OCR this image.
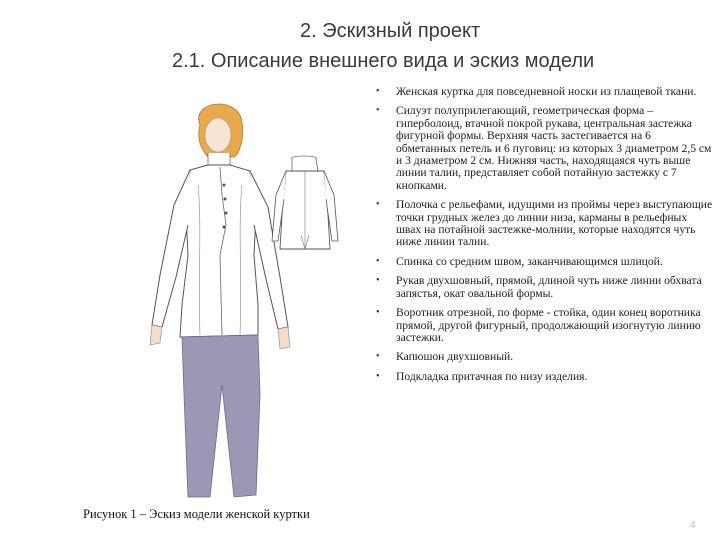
2. Эскизный проект
2.1. Описание внешнего вида и эскиз модели
• Женская куртка для повседневной носки из плащевой ткани.
• Силуэт полуприлегающий, геометрическая форма – гиперболоид, втачной покрой рукава, центральная застежка фигурной формы. Верхняя часть застегивается на 6 обметанных петель и 6 пуговиц: из которых 3 диаметром 2,5 см и 3 диаметром 2 см. Нижняя часть, находящаяся чуть выше линии талии, представляет собой потайную застежку с 7 кнопками.
• Полочка с рельефами, идущими из проймы через выступающие точки грудных желез до линии низа, карманы в рельефных швах на потайной застежке-молнии, которые находятся чуть ниже линии талии.
• Спинка со средним швом, заканчивающимся шлицой.
• Рукав двухшовный, прямой, длиной чуть ниже линии обхвата запястья, окат овальной формы.
• Воротник отрезной, по форме - стойка, один конец воротника прямой, другой фигурный, продолжающий изогнутую линию застежки.
• Капюшон двухшовный.
• Подкладка притачная по низу изделия.
Рисунок 1 – Эскиз модели женской куртки
4
